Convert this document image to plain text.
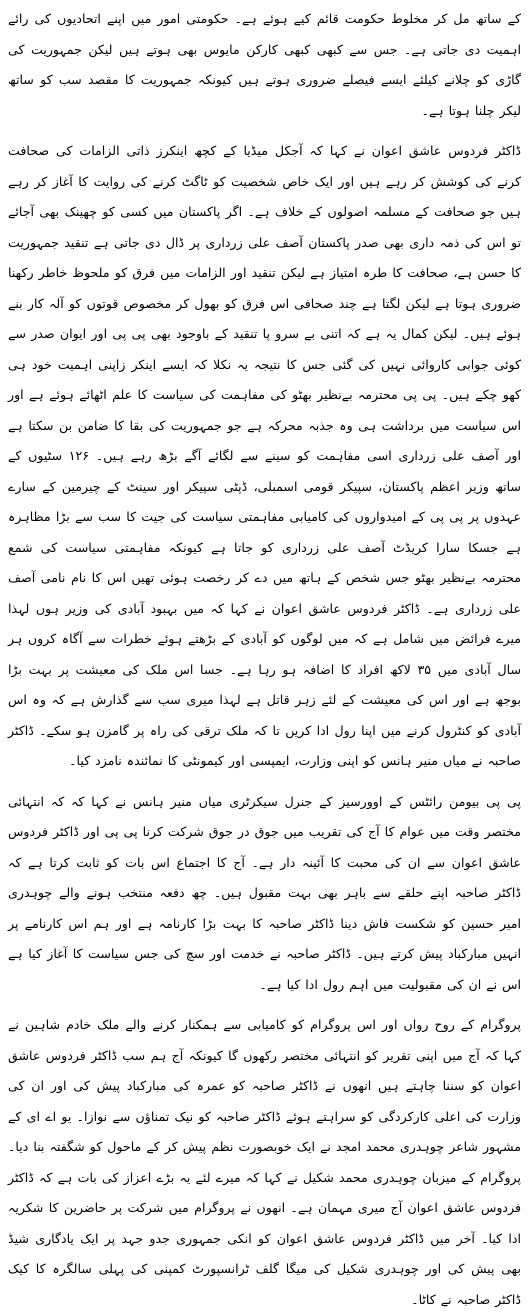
کے ساتھ مل کر مخلوط حکومت قائم کیے ہوئے ہے۔ حکومتی امور میں اپنے اتحادیوں کی رائے اہمیت دی جاتی ہے۔ جس سے کبھی کبھی کارکن مایوس بھی ہوتے ہیں لیکن جمہوریت کی گاڑی کو چلانے کیلئے ایسے فیصلے ضروری ہوتے ہیں کیونکہ جمہوریت کا مقصد سب کو ساتھ لیکر چلنا ہوتا ہے۔

ڈاکٹر فردوس عاشق اعوان نے کہا کہ آجکل میڈیا کے کچھ اینکرز ذاتی الزامات کی صحافت کرنے کی کوشش کر رہے ہیں اور ایک خاص شخصیت کو ٹاگٹ کرنے کی روایت کا آغاز کر رہے ہیں جو صحافت کے مسلمہ اصولوں کے خلاف ہے۔ اگر پاکستان میں کسی کو چھینک بھی آجائے تو اس کی ذمہ داری بھی صدر پاکستان آصف علی زرداری پر ڈال دی جاتی ہے تنقید جمہوریت کا حسن ہے، صحافت کا طرہ امتیاز ہے لیکن تنقید اور الزامات میں فرق کو ملحوظ خاطر رکھنا ضروری ہوتا ہے لیکن لگتا ہے چند صحافی اس فرق کو بھول کر مخصوص قوتوں کو آلہ کار بنے ہوئے ہیں۔ لیکن کمال یہ ہے کہ اتنی بے سرو پا تنقید کے باوجود بھی پی پی اور ایوان صدر سے کوئی جوابی کاروائی نہیں کی گئی جس کا نتیجہ یہ نکلا کہ ایسے اینکر زاپنی اہمیت خود ہی کھو چکے ہیں۔ پی پی محترمہ بےنظیر بھٹو کی مفاہمت کی سیاست کا علم اٹھائے ہوئے ہے اور اس سیاست میں برداشت ہی وہ جذبہ محرکہ ہے جو جمہوریت کی بقا کا ضامن بن سکتا ہے اور آصف علی زرداری اسی مفاہمت کو سینے سے لگائے آگے بڑھ رہے ہیں۔ ۱۲۶ سٹیوں کے ساتھ وزیر اعظم پاکستان، سپیکر قومی اسمبلی، ڈپٹی سپیکر اور سینٹ کے چیرمین کے سارے عہدوں پر پی پی کے امیدواروں کی کامیابی مفاہمتی سیاست کی جیت کا سب سے بڑا مظاہرہ ہے جسکا سارا کریڈٹ آصف علی زرداری کو جاتا ہے کیونکہ مفاہمتی سیاست کی شمع محترمہ بےنظیر بھٹو جس شخص کے ہاتھ میں دے کر رخصت ہوئی تھیں اس کا نام نامی آصف علی زرداری ہے۔ ڈاکٹر فردوس عاشق اعوان نے کہا کہ میں بہبود آبادی کی وزیر ہوں لہذا میرے فرائض میں شامل ہے کہ میں لوگوں کو آبادی کے بڑھتے ہوئے خطرات سے آگاہ کروں ہر سال آبادی میں ۳۵ لاکھ افراد کا اضافہ ہو رہا ہے۔ جسا اس ملک کی معیشت پر بہت بڑا بوجھ ہے اور اس کی معیشت کے لئے زہر قاتل ہے لہذا میری سب سے گذارش ہے کہ وہ اس آبادی کو کنٹرول کرنے میں اپنا رول ادا کریں تا کہ ملک ترقی کی راہ پر گامزن ہو سکے۔ ڈاکٹر صاحبہ نے میاں منیر ہانس کو اپنی وزارت، ایمپسی اور کیمونٹی کا نمائندہ نامزد کیا۔

پی پی بیومن رائٹس کے اوورسیز کے جنرل سیکرٹری میاں منیر ہانس نے کہا کہ کہ انتہائی مختصر وقت میں عوام کا آج کی تقریب میں جوق در جوق شرکت کرنا پی پی اور ڈاکٹر فردوس عاشق اعوان سے ان کی محبت کا آئینہ دار ہے۔ آج کا اجتماع اس بات کو ثابت کرتا ہے کہ ڈاکٹر صاحبہ اپنے حلقے سے باہر بھی بہت مقبول ہیں۔ چھ دفعہ منتخب ہونے والے چوہدری امیر حسین کو شکست فاش دینا ڈاکٹر صاحبہ کا بہت بڑا کارنامہ ہے اور ہم اس کارنامے پر انہیں مبارکباد پیش کرتے ہیں۔ ڈاکٹر صاحبہ نے خدمت اور سچ کی جس سیاست کا آغاز کیا ہے اس نے ان کی مقبولیت میں اہم رول ادا کیا ہے۔

پروگرام کے روح رواں اور اس پروگرام کو کامیابی سے ہمکنار کرنے والے ملک خادم شاہین نے کہا کہ آج میں اپنی تقریر کو انتہائی مختصر رکھوں گا کیونکہ آج ہم سب ڈاکٹر فردوس عاشق اعوان کو سننا چاہتے ہیں انھوں نے ڈاکٹر صاحبہ کو عمرہ کی مبارکباد پیش کی اور ان کی وزارت کی اعلی کارکردگی کو سراہتے ہوئے ڈاکٹر صاحبہ کو نیک تمناؤں سے نوازا۔ یو اے ای کے مشہور شاعر چوہدری محمد امجد نے ایک خوبصورت نظم پیش کر کے ماحول کو شگفتہ بنا دیا۔ پروگرام کے میزبان چوہدری محمد شکیل نے کہا کہ میرے لئے یہ بڑے اعزاز کی بات ہے کہ ڈاکٹر فردوس عاشق اعوان آج میری مہمان ہے۔ انھوں نے پروگرام میں شرکت پر حاضرین کا شکریہ ادا کیا۔ آخر میں ڈاکٹر فردوس عاشق اعوان کو انکی جمہوری جدو جہد پر ایک یادگاری شیڈ بھی پیش کی اور چوہدری شکیل کی میگا گلف ٹرانسپورٹ کمپنی کی پہلی سالگرہ کا کیک ڈاکٹر صاحبہ نے کاٹا۔
